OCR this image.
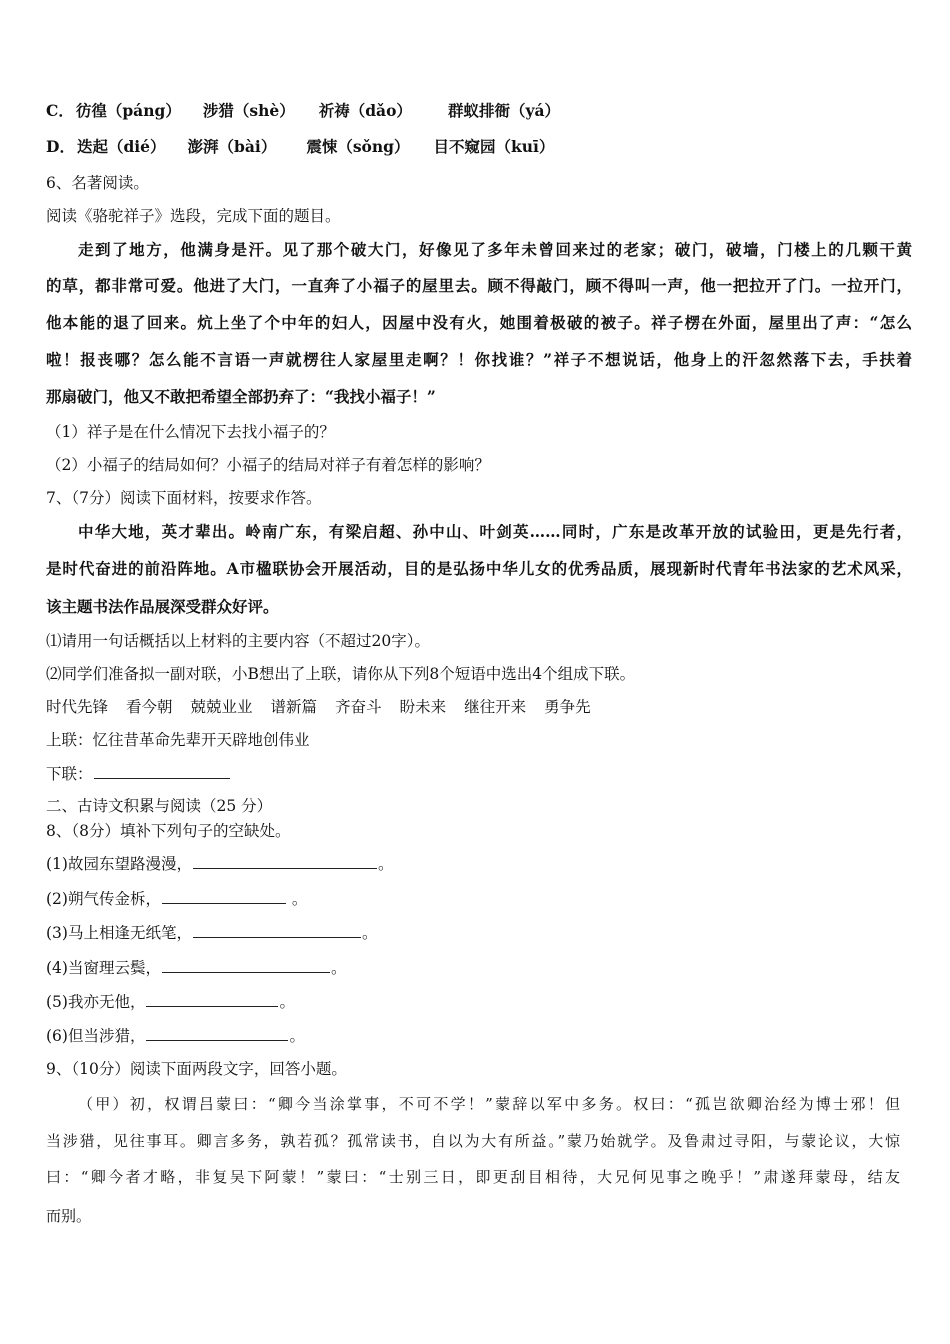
C． 彷徨（páng） 涉猎（shè） 祈祷（dǎo） 群蚁排衙（yá）
D． 迭起（dié） 澎湃（bài） 震悚（sǒng） 目不窥园（kuī）
6、名著阅读。
阅读《骆驼祥子》选段，完成下面的题目。
走到了地方，他满身是汗。见了那个破大门，好像见了多年未曾回来过的老家；破门，破墙，门楼上的几颗干黄
的草，都非常可爱。他进了大门，一直奔了小福子的屋里去。顾不得敲门，顾不得叫一声，他一把拉开了门。一拉开门，
他本能的退了回来。炕上坐了个中年的妇人，因屋中没有火，她围着极破的被子。祥子楞在外面，屋里出了声：“怎么
啦！报丧哪？怎么能不言语一声就楞往人家屋里走啊？！你找谁？”祥子不想说话，他身上的汗忽然落下去，手扶着
那扇破门，他又不敢把希望全部扔弃了：“我找小福子！”
（1）祥子是在什么情况下去找小福子的？
（2）小福子的结局如何？小福子的结局对祥子有着怎样的影响？
7、（7分）阅读下面材料，按要求作答。
中华大地，英才辈出。岭南广东，有梁启超、孙中山、叶剑英……同时，广东是改革开放的试验田，更是先行者，
是时代奋进的前沿阵地。A市楹联协会开展活动，目的是弘扬中华儿女的优秀品质，展现新时代青年书法家的艺术风采，
该主题书法作品展深受群众好评。
⑴请用一句话概括以上材料的主要内容（不超过20字）。
⑵同学们准备拟一副对联，小B想出了上联，请你从下列8个短语中选出4个组成下联。
时代先锋 看今朝 兢兢业业 谱新篇 齐奋斗 盼未来 继往开来 勇争先
上联：忆往昔革命先辈开天辟地创伟业
下联：
二、古诗文积累与阅读（25 分）
8、（8分）填补下列句子的空缺处。
(1)故园东望路漫漫，	。
(2)朔气传金柝，	。
(3)马上相逢无纸笔，	。
(4)当窗理云鬓，	。
(5)我亦无他，	。
(6)但当涉猎，	。
9、（10分）阅读下面两段文字，回答小题。
（甲）初，权谓吕蒙曰：“卿今当涂掌事，不可不学！”蒙辞以军中多务。权曰：“孤岂欲卿治经为博士邪！但
当涉猎，见往事耳。卿言多务，孰若孤？孤常读书，自以为大有所益。”蒙乃始就学。及鲁肃过寻阳，与蒙论议，大惊
曰：“卿今者才略，非复吴下阿蒙！”蒙曰：“士别三日，即更刮目相待，大兄何见事之晚乎！”肃遂拜蒙母，结友
而别。
